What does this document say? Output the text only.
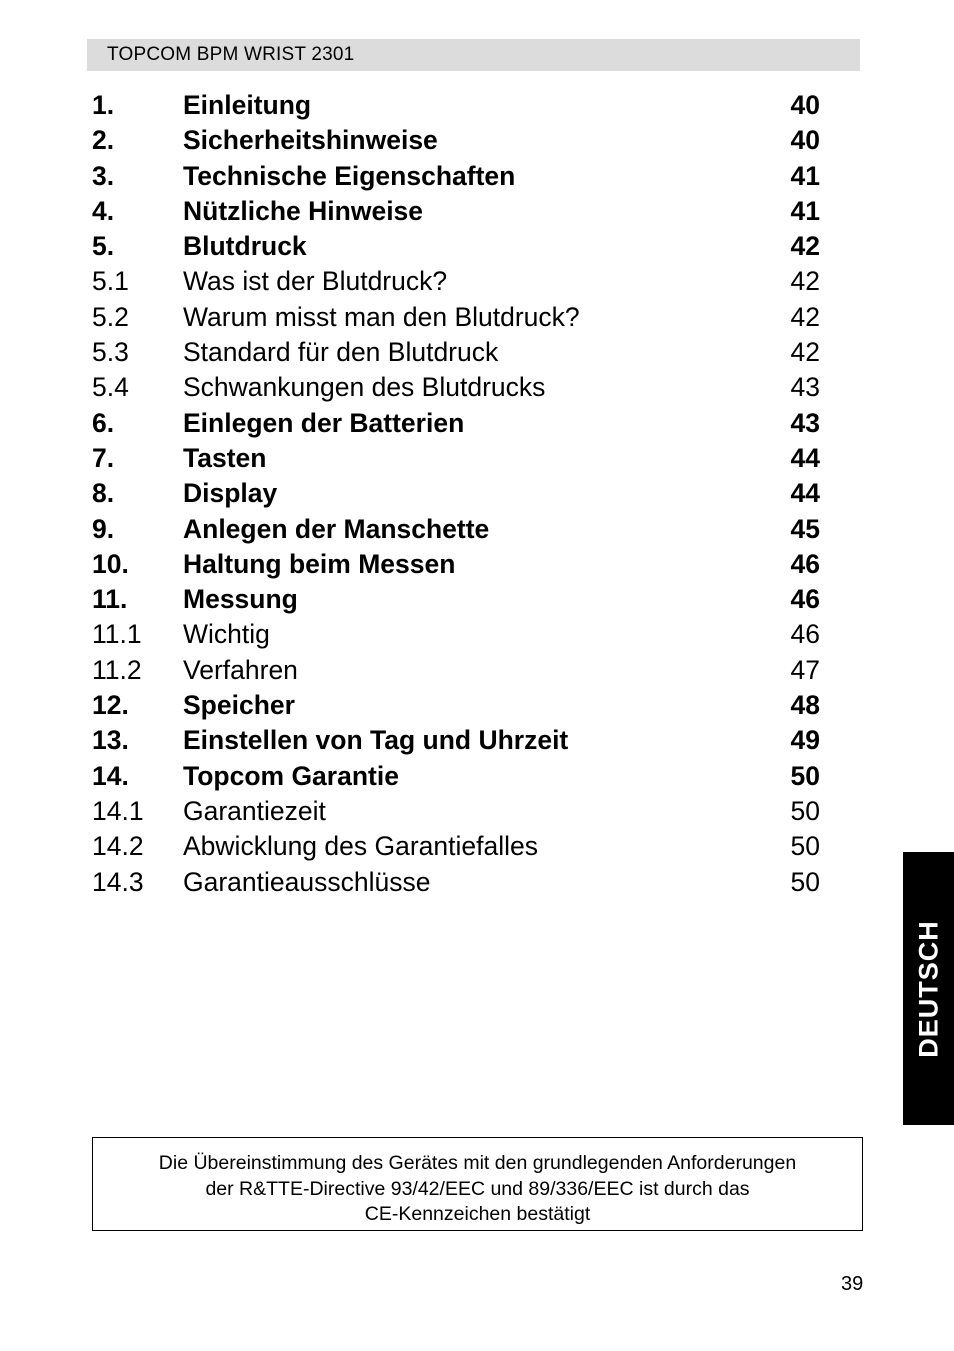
TOPCOM BPM WRIST 2301
1.	Einleitung	40
2.	Sicherheitshinweise	40
3.	Technische Eigenschaften	41
4.	Nützliche Hinweise	41
5.	Blutdruck	42
5.1 Was ist der Blutdruck?	42
5.2 Warum misst man den Blutdruck?	42
5.3 Standard für den Blutdruck	42
5.4 Schwankungen des Blutdrucks	43
6.	Einlegen der Batterien	43
7.	Tasten	44
8.	Display	44
9.	Anlegen der Manschette	45
10. Haltung beim Messen	46
11. Messung	46
11.1 Wichtig	46
11.2 Verfahren	47
12. Speicher	48
13. Einstellen von Tag und Uhrzeit	49
14. Topcom Garantie	50
14.1 Garantiezeit	50
14.2 Abwicklung des Garantiefalles	50
14.3 Garantieausschlüsse	50
DEUTSCH
Die Übereinstimmung des Gerätes mit den grundlegenden Anforderungen
der R&TTE-Directive 93/42/EEC und 89/336/EEC ist durch das
CE-Kennzeichen bestätigt
39
